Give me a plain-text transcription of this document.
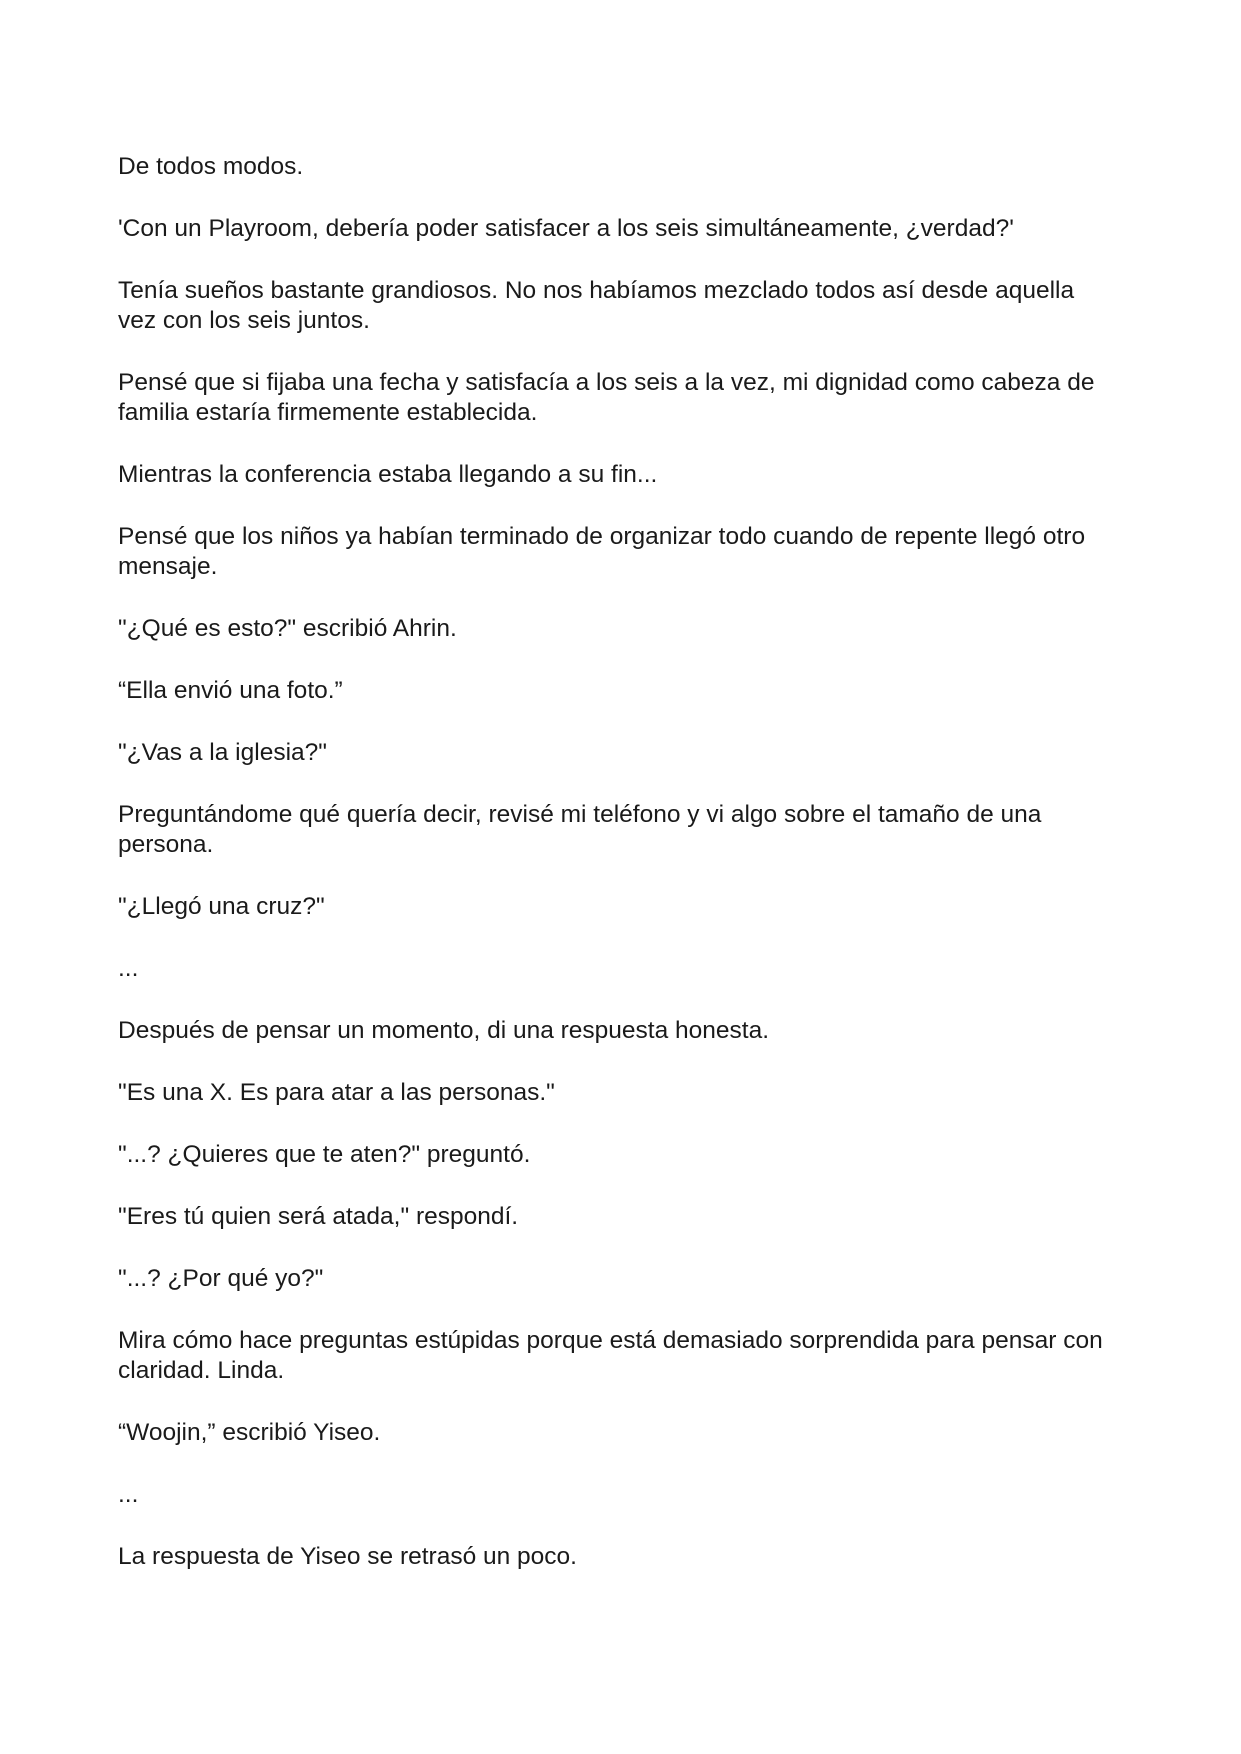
De todos modos.

'Con un Playroom, debería poder satisfacer a los seis simultáneamente, ¿verdad?'

Tenía sueños bastante grandiosos. No nos habíamos mezclado todos así desde aquella vez con los seis juntos.

Pensé que si fijaba una fecha y satisfacía a los seis a la vez, mi dignidad como cabeza de familia estaría firmemente establecida.

Mientras la conferencia estaba llegando a su fin...

Pensé que los niños ya habían terminado de organizar todo cuando de repente llegó otro mensaje.

"¿Qué es esto?" escribió Ahrin.

“Ella envió una foto.”

"¿Vas a la iglesia?"

Preguntándome qué quería decir, revisé mi teléfono y vi algo sobre el tamaño de una persona.

"¿Llegó una cruz?"

...

Después de pensar un momento, di una respuesta honesta.

"Es una X. Es para atar a las personas."

"...? ¿Quieres que te aten?" preguntó.

"Eres tú quien será atada," respondí.

"...? ¿Por qué yo?"

Mira cómo hace preguntas estúpidas porque está demasiado sorprendida para pensar con claridad. Linda.

“Woojin,” escribió Yiseo.

...

La respuesta de Yiseo se retrasó un poco.
